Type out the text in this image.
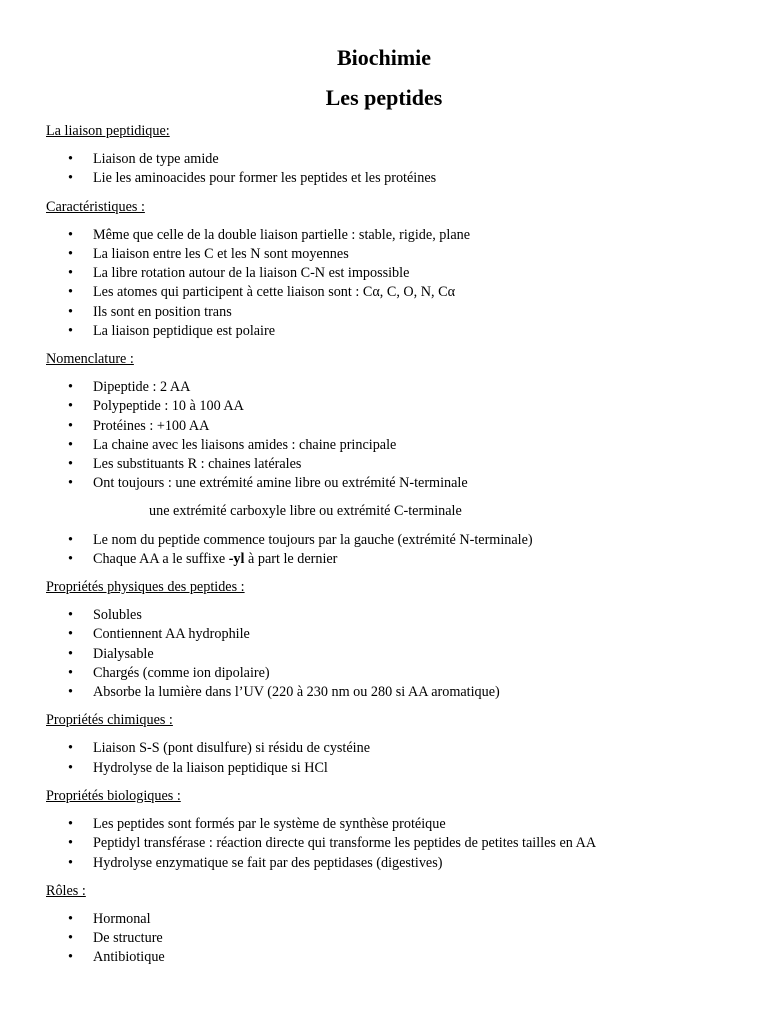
Biochimie
Les peptides
La liaison peptidique:
• Liaison de type amide
• Lie les aminoacides pour former les peptides et les protéines
Caractéristiques :
• Même que celle de la double liaison partielle : stable, rigide, plane
• La liaison entre les C et les N sont moyennes
• La libre rotation autour de la liaison C-N est impossible
• Les atomes qui participent à cette liaison sont : Cα, C, O, N, Cα
• Ils sont en position trans
• La liaison peptidique est polaire
Nomenclature :
• Dipeptide : 2 AA
• Polypeptide : 10 à 100 AA
• Protéines : +100 AA
• La chaine avec les liaisons amides : chaine principale
• Les substituants R : chaines latérales
• Ont toujours : une extrémité amine libre ou extrémité N-terminale
une extrémité carboxyle libre ou extrémité C-terminale
• Le nom du peptide commence toujours par la gauche (extrémité N-terminale)
• Chaque AA a le suffixe -yl à part le dernier
Propriétés physiques des peptides :
• Solubles
• Contiennent AA hydrophile
• Dialysable
• Chargés (comme ion dipolaire)
• Absorbe la lumière dans l’UV (220 à 230 nm ou 280 si AA aromatique)
Propriétés chimiques :
• Liaison S-S (pont disulfure) si résidu de cystéine
• Hydrolyse de la liaison peptidique si HCl
Propriétés biologiques :
• Les peptides sont formés par le système de synthèse protéique
• Peptidyl transférase : réaction directe qui transforme les peptides de petites tailles en AA
• Hydrolyse enzymatique se fait par des peptidases (digestives)
Rôles :
• Hormonal
• De structure
• Antibiotique
